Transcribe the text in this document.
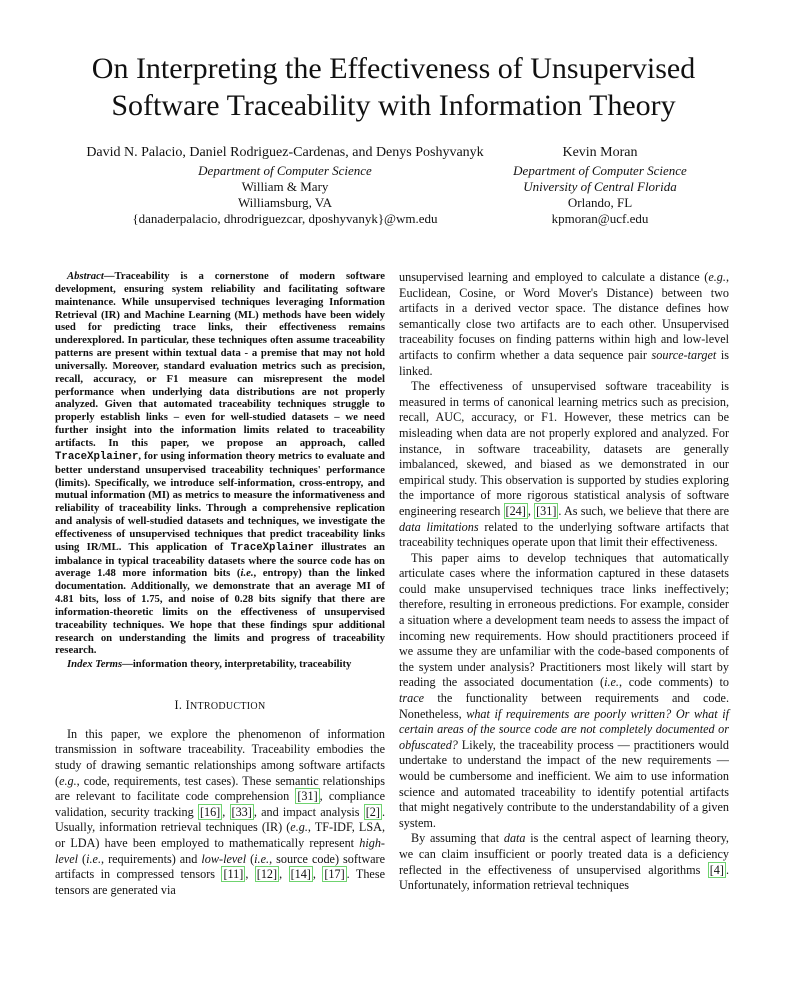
On Interpreting the Effectiveness of Unsupervised
Software Traceability with Information Theory
David N. Palacio, Daniel Rodriguez-Cardenas, and Denys Poshyvanyk
Department of Computer Science
William & Mary
Williamsburg, VA
{danaderpalacio, dhrodriguezcar, dposhyvanyk}@wm.edu
Kevin Moran
Department of Computer Science
University of Central Florida
Orlando, FL
kpmoran@ucf.edu

Abstract—Traceability is a cornerstone of modern software development, ensuring system reliability and facilitating software maintenance. While unsupervised techniques leveraging Information Retrieval (IR) and Machine Learning (ML) methods have been widely used for predicting trace links, their effectiveness remains underexplored. In particular, these techniques often assume traceability patterns are present within textual data - a premise that may not hold universally. Moreover, standard evaluation metrics such as precision, recall, accuracy, or F1 measure can misrepresent the model performance when underlying data distributions are not properly analyzed. Given that automated traceability techniques struggle to properly establish links – even for well-studied datasets – we need further insight into the information limits related to traceability artifacts. In this paper, we propose an approach, called TraceXplainer, for using information theory metrics to evaluate and better understand unsupervised traceability techniques' performance (limits). Specifically, we introduce self-information, cross-entropy, and mutual information (MI) as metrics to measure the informativeness and reliability of traceability links. Through a comprehensive replication and analysis of well-studied datasets and techniques, we investigate the effectiveness of unsupervised techniques that predict traceability links using IR/ML. This application of TraceXplainer illustrates an imbalance in typical traceability datasets where the source code has on average 1.48 more information bits (i.e., entropy) than the linked documentation. Additionally, we demonstrate that an average MI of 4.81 bits, loss of 1.75, and noise of 0.28 bits signify that there are information-theoretic limits on the effectiveness of unsupervised traceability techniques. We hope that these findings spur additional research on understanding the limits and progress of traceability research.

Index Terms—information theory, interpretability, traceability

I. INTRODUCTION

In this paper, we explore the phenomenon of information transmission in software traceability. Traceability embodies the study of drawing semantic relationships among software artifacts (e.g., code, requirements, test cases). These semantic relationships are relevant to facilitate code comprehension [31] , compliance validation, security tracking [16] , [33] , and impact analysis [2] . Usually, information retrieval techniques (IR) (e.g., TF-IDF, LSA, or LDA) have been employed to mathematically represent high-level (i.e., requirements) and low-level (i.e., source code) software artifacts in compressed tensors [11] , [12] , [14] , [17] . These tensors are generated via

unsupervised learning and employed to calculate a distance (e.g., Euclidean, Cosine, or Word Mover's Distance) between two artifacts in a derived vector space. The distance defines how semantically close two artifacts are to each other. Unsupervised traceability focuses on finding patterns within high and low-level artifacts to confirm whether a data sequence pair source-target is linked.

The effectiveness of unsupervised software traceability is measured in terms of canonical learning metrics such as precision, recall, AUC, accuracy, or F1. However, these metrics can be misleading when data are not properly explored and analyzed. For instance, in software traceability, datasets are generally imbalanced, skewed, and biased as we demonstrated in our empirical study. This observation is supported by studies exploring the importance of more rigorous statistical analysis of software engineering research [24] , [31] . As such, we believe that there are data limitations related to the underlying software artifacts that traceability techniques operate upon that limit their effectiveness.

This paper aims to develop techniques that automatically articulate cases where the information captured in these datasets could make unsupervised techniques trace links ineffectively; therefore, resulting in erroneous predictions. For example, consider a situation where a development team needs to assess the impact of incoming new requirements. How should practitioners proceed if we assume they are unfamiliar with the code-based components of the system under analysis? Practitioners most likely will start by reading the associated documentation (i.e., code comments) to trace the functionality between requirements and code. Nonetheless, what if requirements are poorly written? Or what if certain areas of the source code are not completely documented or obfuscated? Likely, the traceability process — practitioners would undertake to understand the impact of the new requirements — would be cumbersome and inefficient. We aim to use information science and automated traceability to identify potential artifacts that might negatively contribute to the understandability of a given system.

By assuming that data is the central aspect of learning theory, we can claim insufficient or poorly treated data is a deficiency reflected in the effectiveness of unsupervised algorithms [4] . Unfortunately, information retrieval techniques
